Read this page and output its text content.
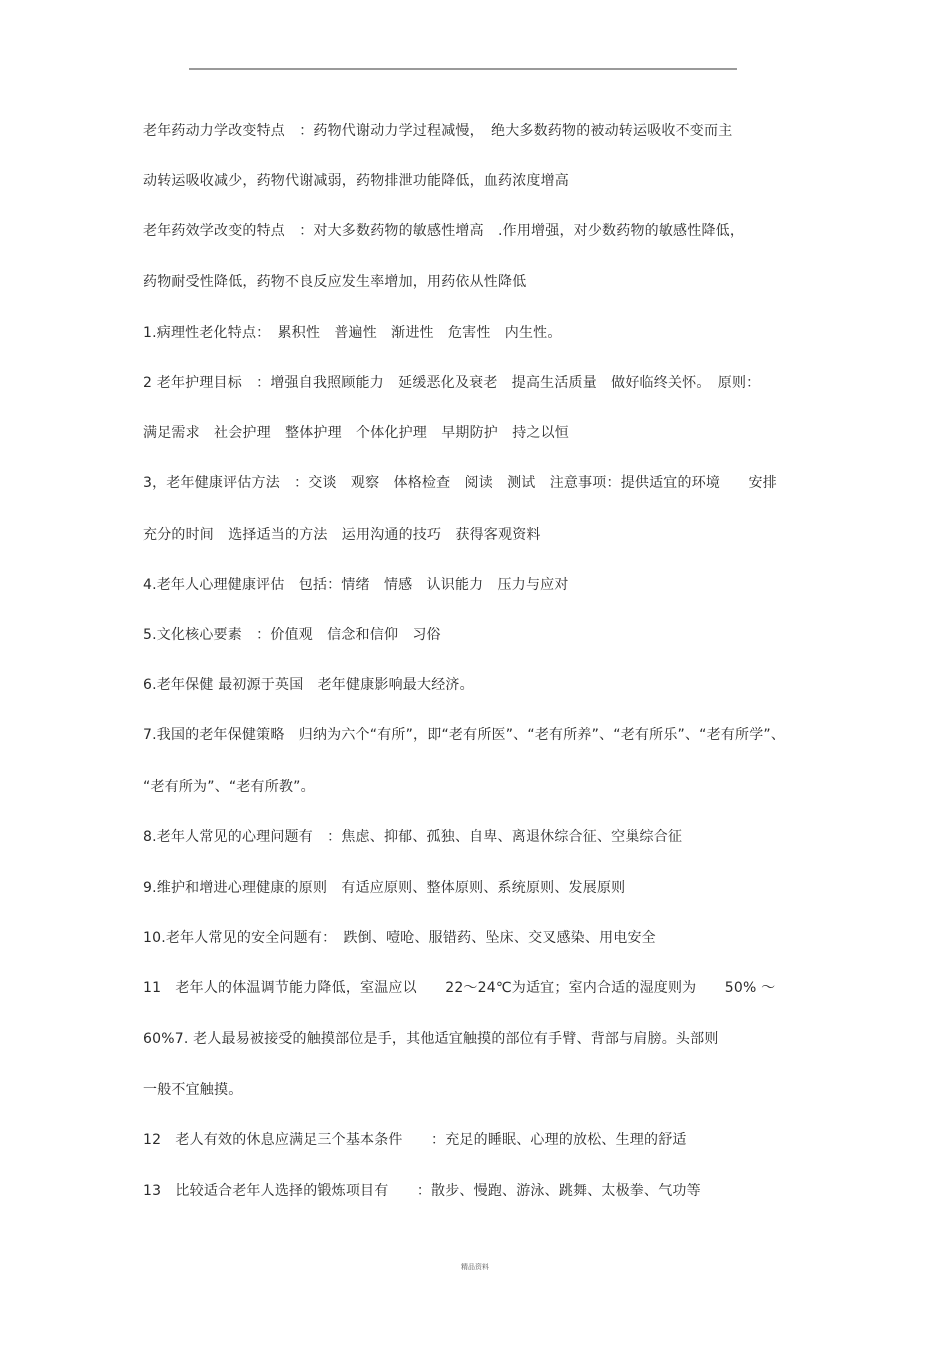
老年药动力学改变特点　：药物代谢动力学过程减慢，　绝大多数药物的被动转运吸收不变而主
动转运吸收减少，药物代谢减弱，药物排泄功能降低，血药浓度增高
老年药效学改变的特点　：对大多数药物的敏感性增高　.作用增强，对少数药物的敏感性降低，
药物耐受性降低，药物不良反应发生率增加，用药依从性降低
1.病理性老化特点：　累积性　普遍性　渐进性　危害性　内生性。
2 老年护理目标　：增强自我照顾能力　延缓恶化及衰老　提高生活质量　做好临终关怀。　原则：
满足需求　社会护理　整体护理　个体化护理　早期防护　持之以恒
3，老年健康评估方法　：交谈　观察　体格检查　阅读　测试　注意事项：提供适宜的环境　　安排
充分的时间　选择适当的方法　运用沟通的技巧　获得客观资料
4.老年人心理健康评估　包括：情绪　情感　认识能力　压力与应对
5.文化核心要素　：价值观　信念和信仰　习俗
6.老年保健 最初源于英国　老年健康影响最大经济。
7.我国的老年保健策略　归纳为六个“有所”，即“老有所医”、“老有所养”、“老有所乐”、“老有所学”、
“老有所为”、“老有所教”。
8.老年人常见的心理问题有　：焦虑、抑郁、孤独、自卑、离退休综合征、空巢综合征
9.维护和增进心理健康的原则　有适应原则、整体原则、系统原则、发展原则
10.老年人常见的安全问题有：　跌倒、噎呛、服错药、坠床、交叉感染、用电安全
11　老年人的体温调节能力降低，室温应以　　22～24℃为适宜；室内合适的湿度则为　　50% ～
60%7. 老人最易被接受的触摸部位是手，其他适宜触摸的部位有手臂、背部与肩膀。头部则
一般不宜触摸。
12　老人有效的休息应满足三个基本条件　　：充足的睡眠、心理的放松、生理的舒适
13　比较适合老年人选择的锻炼项目有　　：散步、慢跑、游泳、跳舞、太极拳、气功等
精品资料
